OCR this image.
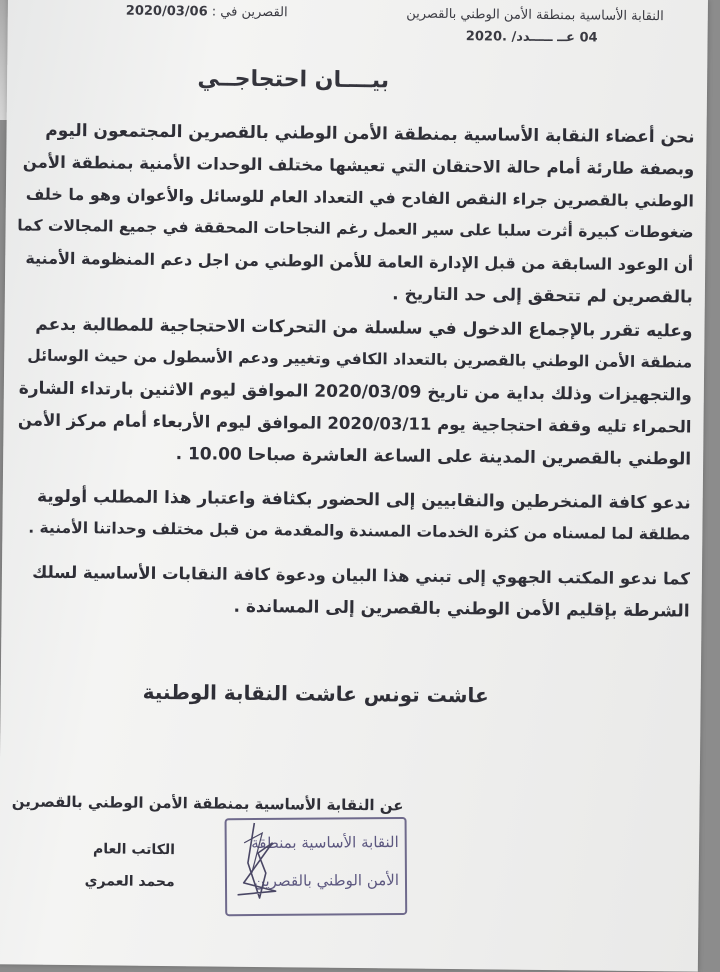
النقابة الأساسية بمنطقة الأمن الوطني بالقصرين
2020/03/06 القصرين في :
2020. عــ ـــــدد/ 04
بيــــان احتجاجــي
نحن أعضاء النقابة الأساسية بمنطقة الأمن الوطني بالقصرين المجتمعون اليوم
وبصفة طارئة أمام حالة الاحتقان التي تعيشها مختلف الوحدات الأمنية بمنطقة الأمن
الوطني بالقصرين جراء النقص الفادح في التعداد العام للوسائل والأعوان وهو ما خلف
ضغوطات كبيرة أثرت سلبا على سير العمل رغم النجاحات المحققة في جميع المجالات كما
أن الوعود السابقة من قبل الإدارة العامة للأمن الوطني من اجل دعم المنظومة الأمنية
بالقصرين لم تتحقق إلى حد التاريخ .
وعليه تقرر بالإجماع الدخول في سلسلة من التحركات الاحتجاجية للمطالبة بدعم
منطقة الأمن الوطني بالقصرين بالتعداد الكافي وتغيير ودعم الأسطول من حيث الوسائل
والتجهيزات وذلك بداية من تاريخ 2020/03/09 الموافق ليوم الاثنين بارتداء الشارة
الحمراء تليه وقفة احتجاجية يوم 2020/03/11 الموافق ليوم الأربعاء أمام مركز الأمن
الوطني بالقصرين المدينة على الساعة العاشرة صباحا 10.00 .
ندعو كافة المنخرطين والنقابيين إلى الحضور بكثافة واعتبار هذا المطلب أولوية
مطلقة لما لمسناه من كثرة الخدمات المسندة والمقدمة من قبل مختلف وحداتنا الأمنية .
كما ندعو المكتب الجهوي إلى تبني هذا البيان ودعوة كافة النقابات الأساسية لسلك
الشرطة بإقليم الأمن الوطني بالقصرين إلى المساندة .
عاشت تونس عاشت النقابة الوطنية
عن النقابة الأساسية بمنطقة الأمن الوطني بالقصرين
الكاتب العام
محمد العمري
النقابة الأساسية بمنطقة
الأمن الوطني بالقصرين
